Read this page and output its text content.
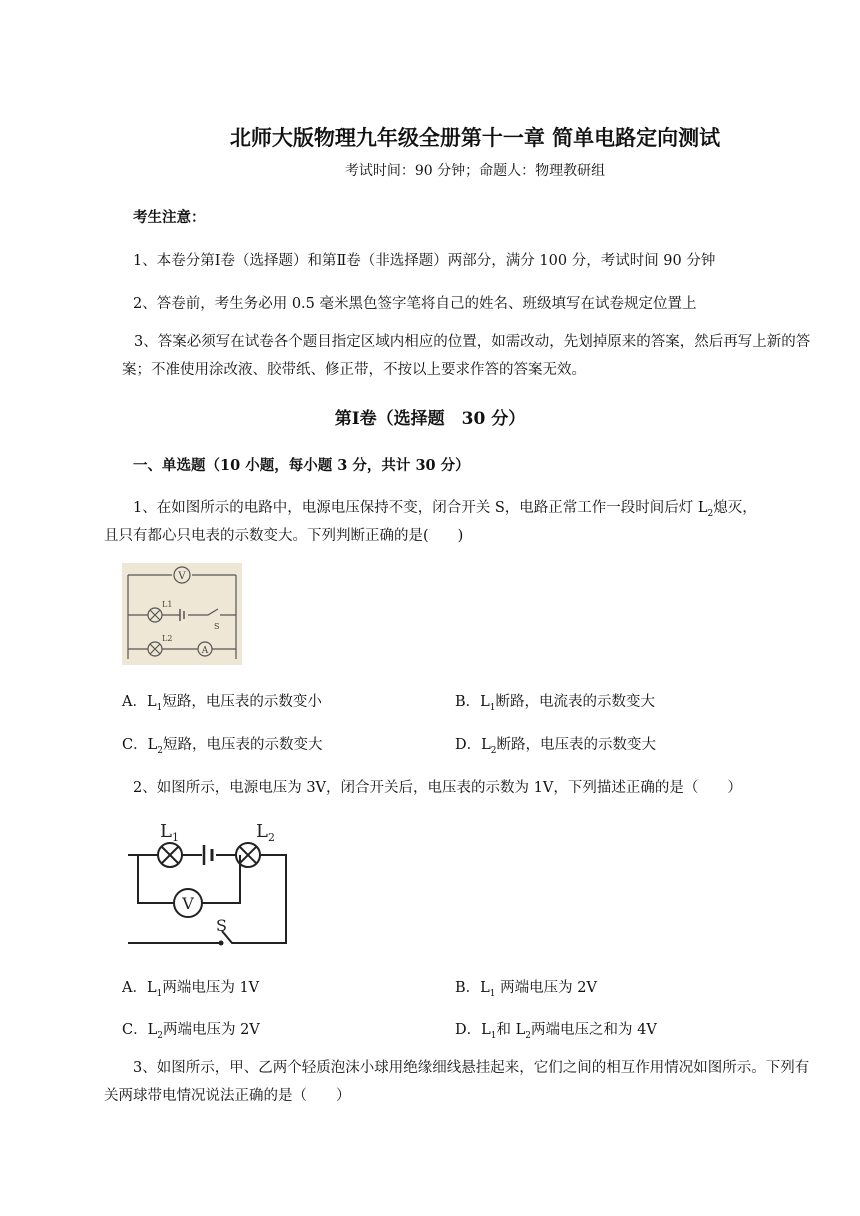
北师大版物理九年级全册第十一章 简单电路定向测试
考试时间：90 分钟；命题人：物理教研组
考生注意：
1、本卷分第Ⅰ卷（选择题）和第Ⅱ卷（非选择题）两部分，满分 100 分，考试时间 90 分钟
2、答卷前，考生务必用 0.5 毫米黑色签字笔将自己的姓名、班级填写在试卷规定位置上
3、答案必须写在试卷各个题目指定区域内相应的位置，如需改动，先划掉原来的答案，然后再写上新的答案；不准使用涂改液、胶带纸、修正带，不按以上要求作答的答案无效。
第Ⅰ卷（选择题　30 分）
一、单选题（10 小题，每小题 3 分，共计 30 分）
1、在如图所示的电路中，电源电压保持不变，闭合开关 S，电路正常工作一段时间后灯 $L_2$熄灭，
且只有都心只电表的示数变大。下列判断正确的是(　　)
V
A
L1
L2
S
A．$L_1$短路，电压表的示数变小	B．$L_1$断路，电流表的示数变大
C．$L_2$短路，电压表的示数变大	D．$L_2$断路，电压表的示数变大
2、如图所示，电源电压为 3V，闭合开关后，电压表的示数为 1V，下列描述正确的是（　　）
$L_1$	$L_2$
V
S
A．$L_1$两端电压为 1V	B．$L_1$ 两端电压为 2V
C．$L_2$两端电压为 2V	D．$L_1$和 $L_2$两端电压之和为 4V
3、如图所示，甲、乙两个轻质泡沫小球用绝缘细线悬挂起来，它们之间的相互作用情况如图所示。下列有关两球带电情况说法正确的是（　　）
